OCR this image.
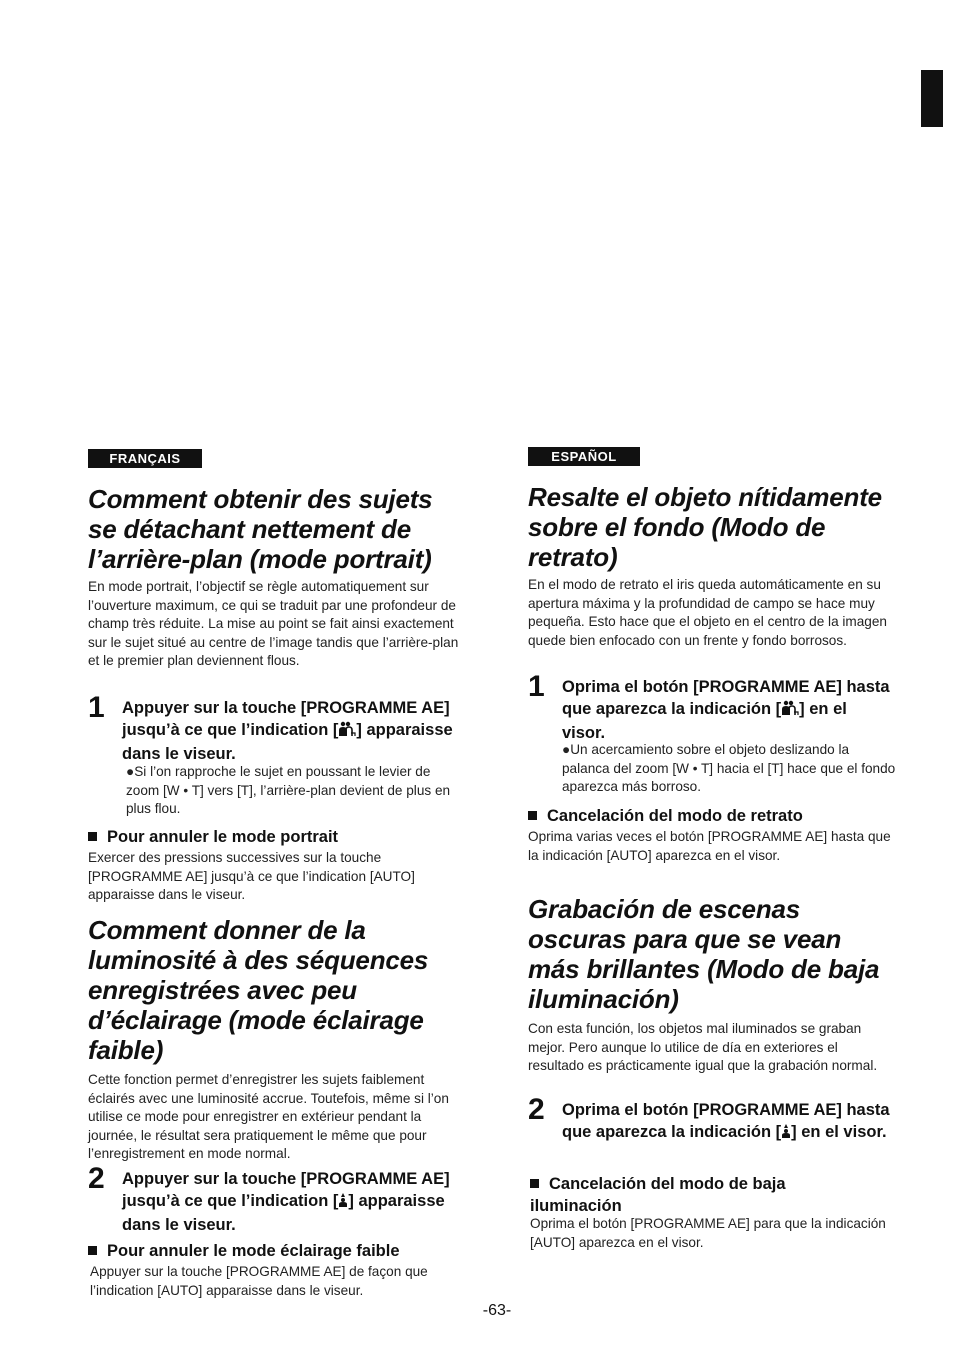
FRANÇAIS
Comment obtenir des sujets se détachant nettement de l’arrière-plan (mode portrait)

En mode portrait, l’objectif se règle automatiquement sur l’ouverture maximum, ce qui se traduit par une profondeur de champ très réduite. La mise au point se fait ainsi exactement sur le sujet situé au centre de l’image tandis que l’arrière-plan et le premier plan deviennent flous.

1	Appuyer sur la touche [PROGRAMME AE] jusqu’à ce que l’indication [ ] apparaisse dans le viseur.

●Si l’on rapproche le sujet en poussant le levier de zoom [W • T] vers [T], l’arrière-plan devient de plus en plus flou.

Pour annuler le mode portrait

Exercer des pressions successives sur la touche [PROGRAMME AE] jusqu’à ce que l’indication [AUTO] apparaisse dans le viseur.

Comment donner de la luminosité à des séquences enregistrées avec peu d’éclairage (mode éclairage faible)

Cette fonction permet d’enregistrer les sujets faiblement éclairés avec une luminosité accrue. Toutefois, même si l’on utilise ce mode pour enregistrer en extérieur pendant la journée, le résultat sera pratiquement le même que pour l’enregistrement en mode normal.

2	Appuyer sur la touche [PROGRAMME AE] jusqu’à ce que l’indication [ ] apparaisse dans le viseur.

Pour annuler le mode éclairage faible

Appuyer sur la touche [PROGRAMME AE] de façon que l’indication [AUTO] apparaisse dans le viseur.

ESPAÑOL
Resalte el objeto nítidamente sobre el fondo (Modo de retrato)

En el modo de retrato el iris queda automáticamente en su apertura máxima y la profundidad de campo se hace muy pequeña. Esto hace que el objeto en el centro de la imagen quede bien enfocado con un frente y fondo borrosos.

1	Oprima el botón [PROGRAMME AE] hasta que aparezca la indicación [ ] en el visor.

●Un acercamiento sobre el objeto deslizando la palanca del zoom [W • T] hacia el [T] hace que el fondo aparezca más borroso.

Cancelación del modo de retrato

Oprima varias veces el botón [PROGRAMME AE] hasta que la indicación [AUTO] aparezca en el visor.

Grabación de escenas oscuras para que se vean más brillantes (Modo de baja iluminación)

Con esta función, los objetos mal iluminados se graban mejor. Pero aunque lo utilice de día en exteriores el resultado es prácticamente igual que la grabación normal.

2	Oprima el botón [PROGRAMME AE] hasta que aparezca la indicación [ ] en el visor.

Cancelación del modo de baja iluminación

Oprima el botón [PROGRAMME AE] para que la indicación [AUTO] aparezca en el visor.

-63-
